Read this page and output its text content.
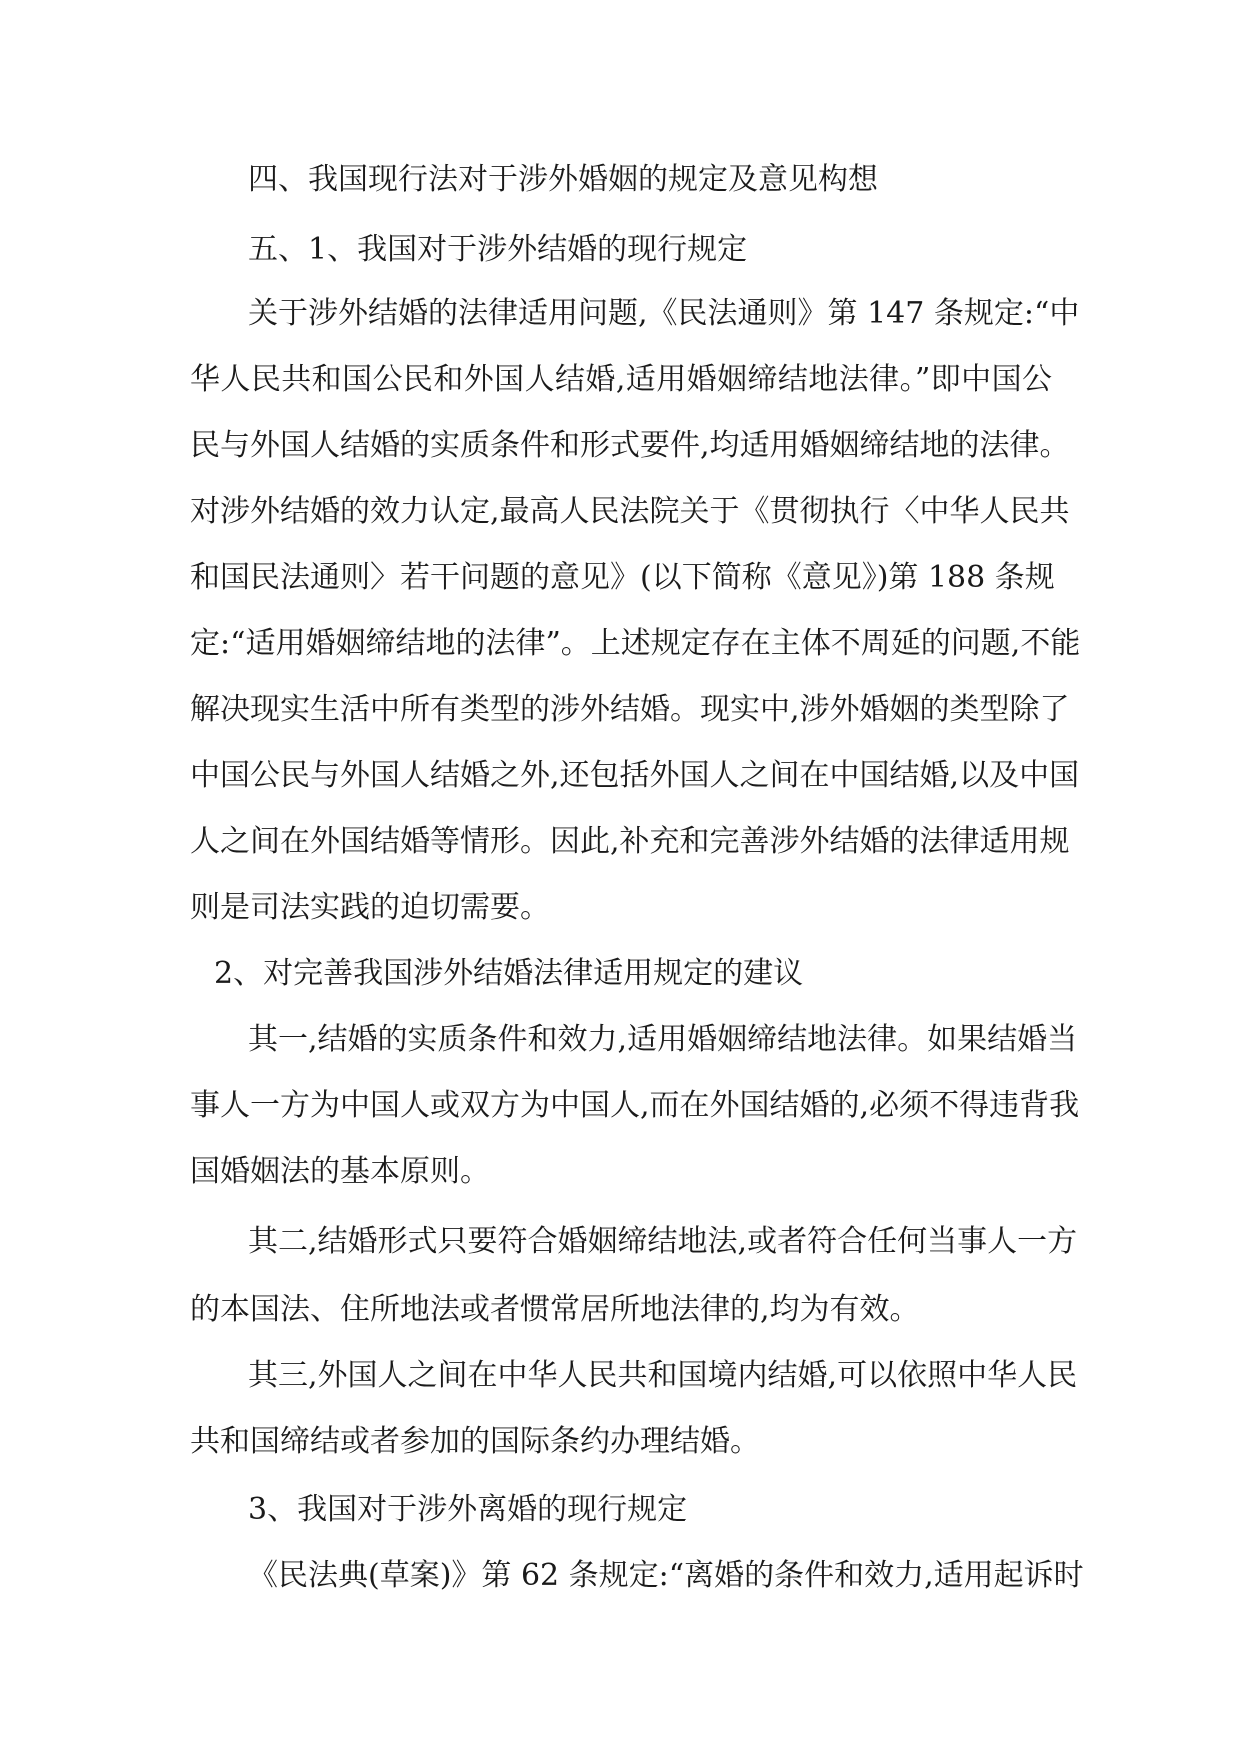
四、我国现行法对于涉外婚姻的规定及意见构想
五、1、我国对于涉外结婚的现行规定
关于涉外结婚的法律适用问题,《民法通则》第 147 条规定:“中
华人民共和国公民和外国人结婚,适用婚姻缔结地法律。”即中国公
民与外国人结婚的实质条件和形式要件,均适用婚姻缔结地的法律。
对涉外结婚的效力认定,最高人民法院关于《贯彻执行〈中华人民共
和国民法通则〉若干问题的意见》(以下简称《意见》)第 188 条规
定:“适用婚姻缔结地的法律”。上述规定存在主体不周延的问题,不能
解决现实生活中所有类型的涉外结婚。现实中,涉外婚姻的类型除了
中国公民与外国人结婚之外,还包括外国人之间在中国结婚,以及中国
人之间在外国结婚等情形。因此,补充和完善涉外结婚的法律适用规
则是司法实践的迫切需要。
2、对完善我国涉外结婚法律适用规定的建议
其一,结婚的实质条件和效力,适用婚姻缔结地法律。如果结婚当
事人一方为中国人或双方为中国人,而在外国结婚的,必须不得违背我
国婚姻法的基本原则。
其二,结婚形式只要符合婚姻缔结地法,或者符合任何当事人一方
的本国法、住所地法或者惯常居所地法律的,均为有效。
其三,外国人之间在中华人民共和国境内结婚,可以依照中华人民
共和国缔结或者参加的国际条约办理结婚。
3、我国对于涉外离婚的现行规定
《民法典(草案)》第 62 条规定:“离婚的条件和效力,适用起诉时
